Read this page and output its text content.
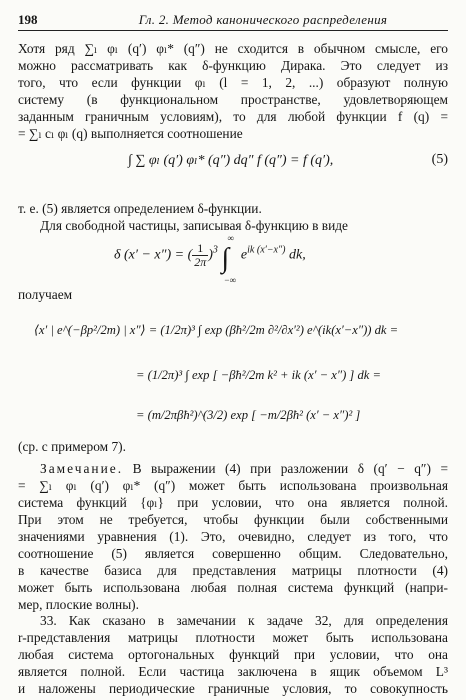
198	Гл. 2. Метод канонического распределения
Хотя ряд ∑ₗ φₗ (q′) φₗ* (q″) не сходится в обычном смысле, его
можно рассматривать как δ-функцию Дирака. Это следует из
того, что если функции φₗ (l = 1, 2, ...) образуют полную
систему (в функциональном пространстве, удовлетворяющем
заданным граничным условиям), то для любой функции f (q) =
= ∑ₗ cₗ φₗ (q) выполняется соотношение
∫ ∑ φₗ (q′) φₗ* (q″) dq″ f (q″) = f (q′),	(5)
т. е. (5) является определением δ-функции.
Для свободной частицы, записывая δ-функцию в виде
δ (x′ − x″) = ( $\frac{1}{2\pi} )^3$ ∫
∞
−∞
$e^{ik (x'-x'')}$ dk,
получаем
⟨x′ | e^(−βp²/2m) | x″⟩ = (1/2π)³ ∫ exp (βħ²/2m ∂²/∂x′²) e^(ik(x′−x″)) dk =
= (1/2π)³ ∫ exp [ −βħ²/2m k² + ik (x′ − x″) ] dk =
= (m/2πβħ²)^(3/2) exp [ −m/2βħ² (x′ − x″)² ]
(ср. с примером 7).
Замечание. В выражении (4) при разложении δ (q′ − q″) =
= ∑ₗ φₗ (q′) φₗ* (q″) может быть использована произвольная
система функций {φₗ} при условии, что она является полной.
При этом не требуется, чтобы функции были собственными
значениями уравнения (1). Это, очевидно, следует из того, что
соотношение (5) является совершенно общим. Следовательно,
в качестве базиса для представления матрицы плотности (4)
может быть использована любая полная система функций (напри-
мер, плоские волны).
33. Как сказано в замечании к задаче 32, для определения
r-представления матрицы плотности может быть использована
любая система ортогональных функций при условии, что она
является полной. Если частица заключена в ящик объемом L³
и наложены периодические граничные условия, то совокупность
